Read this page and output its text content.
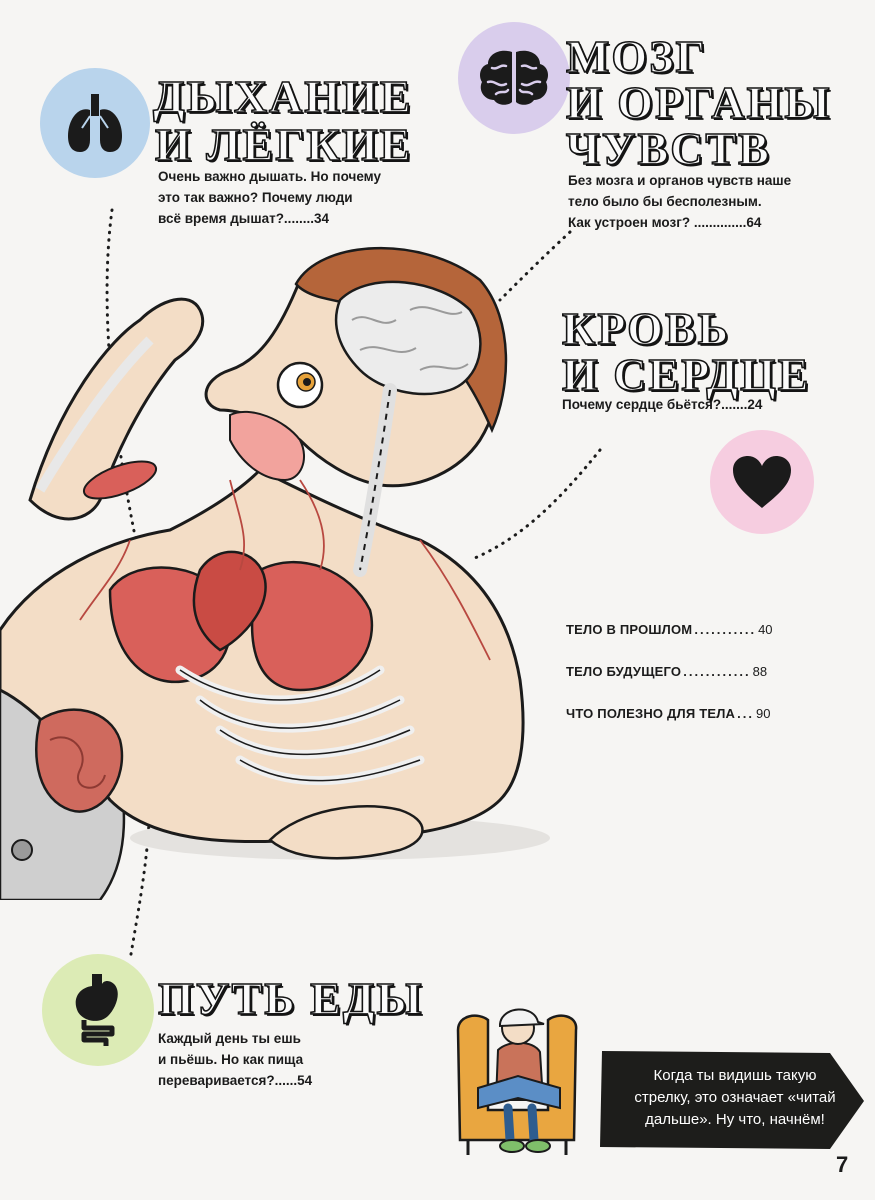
ДЫХАНИЕ
И ЛЁГКИЕ
Очень важно дышать. Но почему
это так важно? Почему люди
всё время дышат?........34
МОЗГ
И ОРГАНЫ
ЧУВСТВ
Без мозга и органов чувств наше
тело было бы бесполезным.
Как устроен мозг? ..............64
КРОВЬ
И СЕРДЦЕ
Почему сердце бьётся?.......24
ТЕЛО В ПРОШЛОМ ........... 40
ТЕЛО БУДУЩЕГО ............ 88
ЧТО ПОЛЕЗНО ДЛЯ ТЕЛА ... 90
ПУТЬ ЕДЫ
Каждый день ты ешь
и пьёшь. Но как пища
переваривается?......54	Когда ты видишь такую
стрелку, это означает «читай
дальше». Ну что, начнём!
7
